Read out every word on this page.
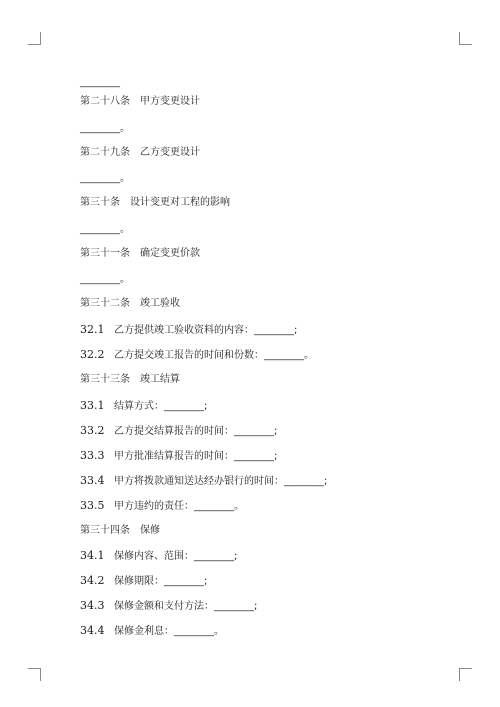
________
第二十八条　甲方变更设计
________。
第二十九条　乙方变更设计
________。
第三十条　设计变更对工程的影响
________。
第三十一条　确定变更价款
________。
第三十二条　竣工验收
32.1 乙方提供竣工验收资料的内容：________;
32.2 乙方提交竣工报告的时间和份数：________。
第三十三条　竣工结算
33.1 结算方式：________;
33.2 乙方提交结算报告的时间：________;
33.3 甲方批准结算报告的时间：________;
33.4 甲方将拨款通知送达经办银行的时间：________;
33.5 甲方违约的责任：________。
第三十四条　保修
34.1 保修内容、范围：________;
34.2 保修期限：________;
34.3 保修金额和支付方法：________;
34.4 保修金利息：________。
